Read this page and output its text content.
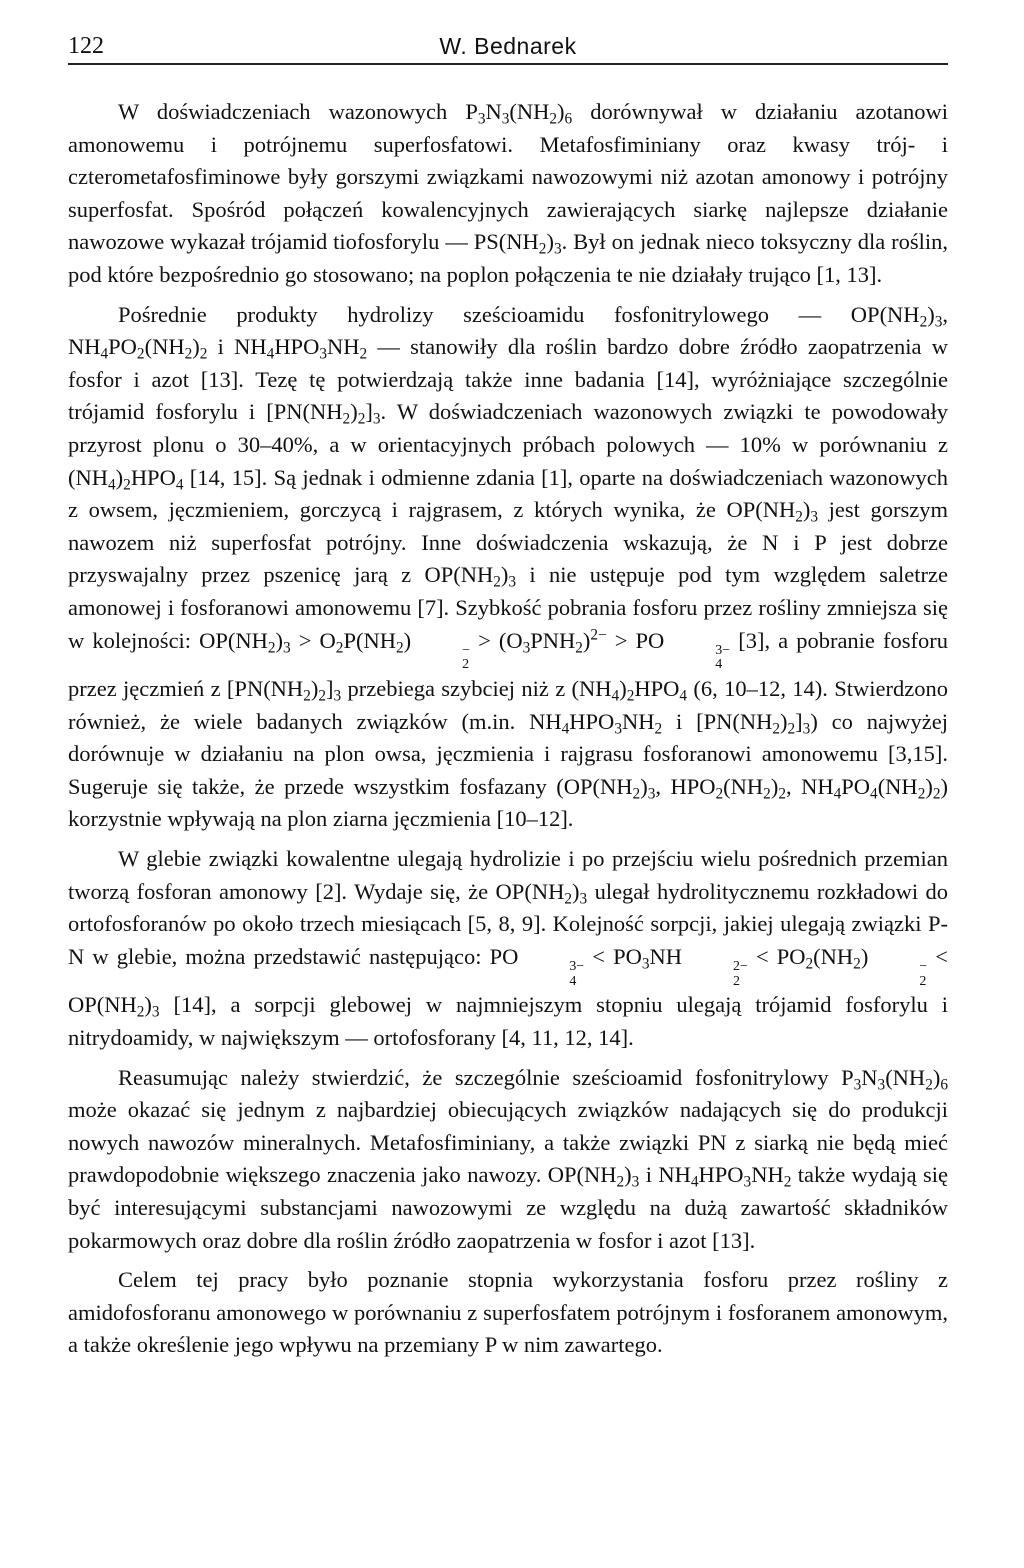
122	W. Bednarek

W doświadczeniach wazonowych $P_3N_3(NH_2)_6$ dorównywał w działaniu azotanowi amonowemu i potrójnemu superfosfatowi. Metafosfiminiany oraz kwasy trój- i czterometafosfiminowe były gorszymi związkami nawozowymi niż azotan amonowy i potrójny superfosfat. Spośród połączeń kowalencyjnych zawierających siarkę najlepsze działanie nawozowe wykazał trójamid tiofosforylu — $PS(NH_2)_3$. Był on jednak nieco toksyczny dla roślin, pod które bezpośrednio go stosowano; na poplon połączenia te nie działały trująco [1, 13].

Pośrednie produkty hydrolizy sześcioamidu fosfonitrylowego — $OP(NH_2)_3$, $NH_4PO_2(NH_2)_2$ i $NH_4HPO_3NH_2$ — stanowiły dla roślin bardzo dobre źródło zaopatrzenia w fosfor i azot [13]. Tezę tę potwierdzają także inne badania [14], wyróżniające szczególnie trójamid fosforylu i $[PN(NH_2)_2]_3$. W doświadczeniach wazonowych związki te powodowały przyrost plonu o 30–40%, a w orientacyjnych próbach polowych — 10% w porównaniu z $(NH_4)_2HPO_4$ [14, 15]. Są jednak i odmienne zdania [1], oparte na doświadczeniach wazonowych z owsem, jęczmieniem, gorczycą i rajgrasem, z których wynika, że $OP(NH_2)_3$ jest gorszym nawozem niż superfosfat potrójny. Inne doświadczenia wskazują, że N i P jest dobrze przyswajalny przez pszenicę jarą z $OP(NH_2)_3$ i nie ustępuje pod tym względem saletrze amonowej i fosforanowi amonowemu [7]. Szybkość pobrania fosforu przez rośliny zmniejsza się w kolejności: $OP(NH_2)_3 > O_2P(NH_2)$	−
2
> $(O_3PNH_2)^{2-}$ > PO	3−
4
[3], a pobranie fosforu przez jęczmień z $[PN(NH_2)_2]_3$ przebiega szybciej niż z $(NH_4)_2HPO_4$ (6, 10–12, 14). Stwierdzono również, że wiele badanych związków (m.in. $NH_4HPO_3NH_2$ i $[PN(NH_2)_2]_3$) co najwyżej dorównuje w działaniu na plon owsa, jęczmienia i rajgrasu fosforanowi amonowemu [3,15]. Sugeruje się także, że przede wszystkim fosfazany ($OP(NH_2)_3$, $HPO_2(NH_2)_2$, $NH_4PO_4(NH_2)_2$) korzystnie wpływają na plon ziarna jęczmienia [10–12].

W glebie związki kowalentne ulegają hydrolizie i po przejściu wielu pośrednich przemian tworzą fosforan amonowy [2]. Wydaje się, że $OP(NH_2)_3$ ulegał hydrolitycznemu rozkładowi do ortofosforanów po około trzech miesiącach [5, 8, 9]. Kolejność sorpcji, jakiej ulegają związki P-N w glebie, można przedstawić następująco: PO	3−
4
< $PO_3NH$	2−
2
< $PO_2(NH_2)$	−
2
< $OP(NH_2)_3$ [14], a sorpcji glebowej w najmniejszym stopniu ulegają trójamid fosforylu i nitrydoamidy, w największym — ortofosforany [4, 11, 12, 14].

Reasumując należy stwierdzić, że szczególnie sześcioamid fosfonitrylowy $P_3N_3(NH_2)_6$ może okazać się jednym z najbardziej obiecujących związków nadających się do produkcji nowych nawozów mineralnych. Metafosfiminiany, a także związki PN z siarką nie będą mieć prawdopodobnie większego znaczenia jako nawozy. $OP(NH_2)_3$ i $NH_4HPO_3NH_2$ także wydają się być interesującymi substancjami nawozowymi ze względu na dużą zawartość składników pokarmowych oraz dobre dla roślin źródło zaopatrzenia w fosfor i azot [13].

Celem tej pracy było poznanie stopnia wykorzystania fosforu przez rośliny z amidofosforanu amonowego w porównaniu z superfosfatem potrójnym i fosforanem amonowym, a także określenie jego wpływu na przemiany P w nim zawartego.
